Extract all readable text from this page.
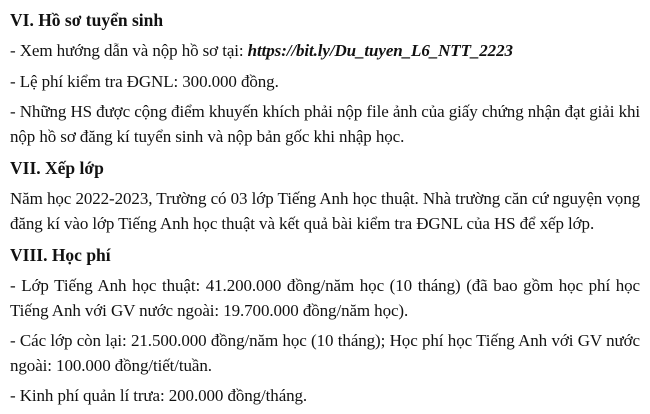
VI. Hồ sơ tuyển sinh

- Xem hướng dẫn và nộp hồ sơ tại: https://bit.ly/Du_tuyen_L6_NTT_2223

- Lệ phí kiểm tra ĐGNL: 300.000 đồng.

- Những HS được cộng điểm khuyến khích phải nộp file ảnh của giấy chứng nhận đạt giải khi nộp hồ sơ đăng kí tuyển sinh và nộp bản gốc khi nhập học.

VII. Xếp lớp

Năm học 2022-2023, Trường có 03 lớp Tiếng Anh học thuật. Nhà trường căn cứ nguyện vọng đăng kí vào lớp Tiếng Anh học thuật và kết quả bài kiểm tra ĐGNL của HS để xếp lớp.

VIII. Học phí

- Lớp Tiếng Anh học thuật: 41.200.000 đồng/năm học (10 tháng) (đã bao gồm học phí học Tiếng Anh với GV nước ngoài: 19.700.000 đồng/năm học).

- Các lớp còn lại: 21.500.000 đồng/năm học (10 tháng); Học phí học Tiếng Anh với GV nước ngoài: 100.000 đồng/tiết/tuần.

- Kinh phí quản lí trưa: 200.000 đồng/tháng.
